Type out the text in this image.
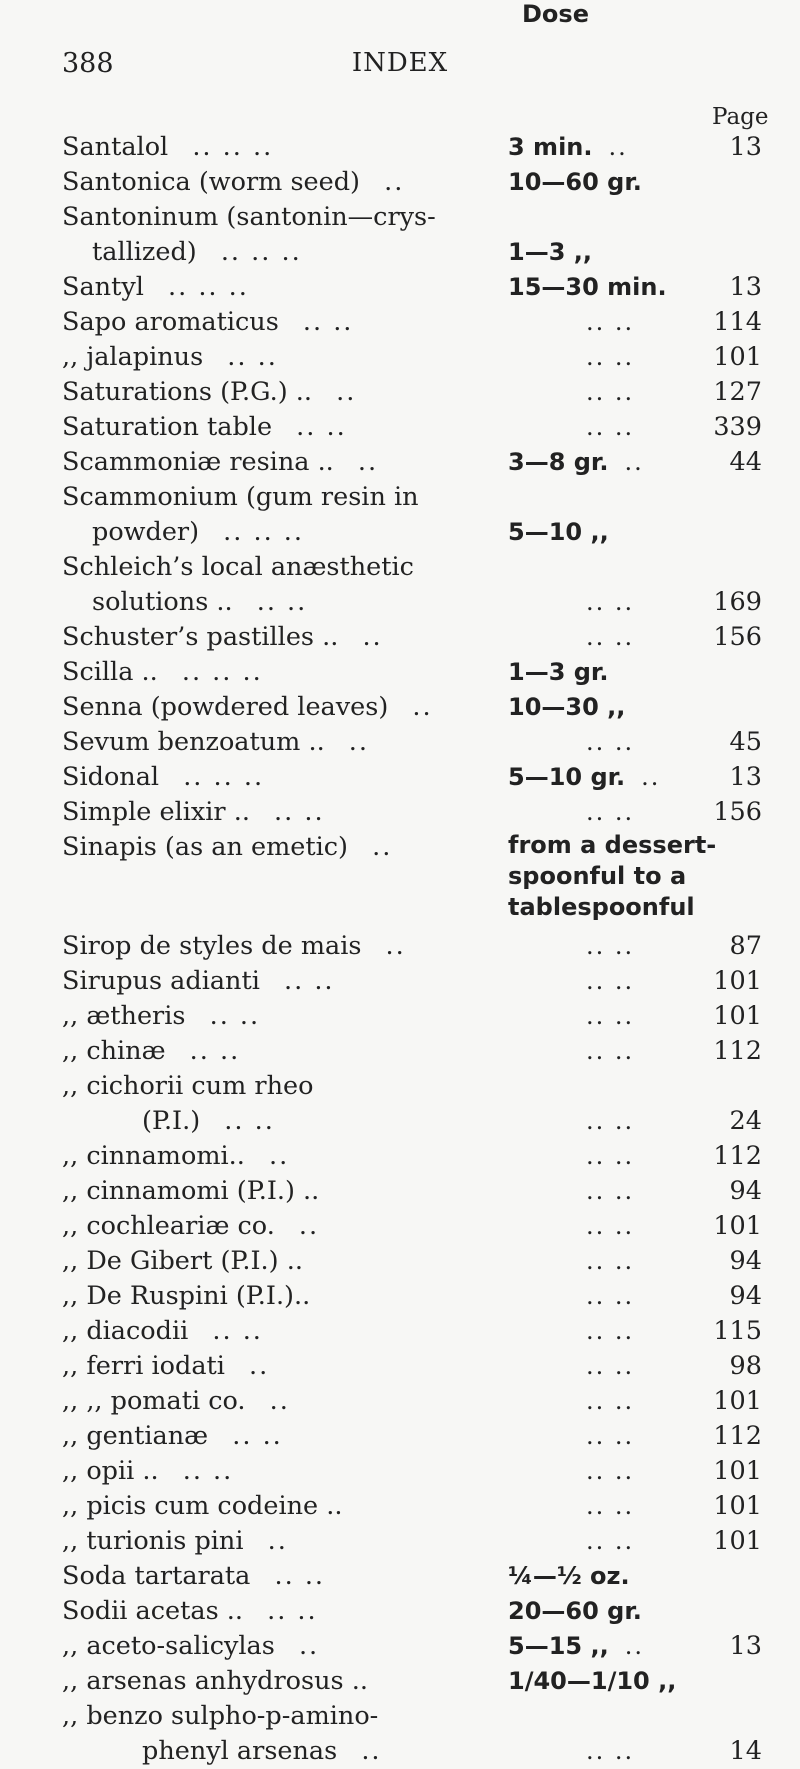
388	INDEX
Dose
Page
Santalol .. .. ..	3 min. ..	13
Santonica (worm seed) ..	10—60 gr.
Santoninum (santonin—crys-
tallized) .. .. ..	1—3 ,,
Santyl .. .. ..	15—30 min. 13
Sapo aromaticus .. ..	.. ..	114
,, jalapinus .. ..	.. ..	101
Saturations (P.G.) .. ..	.. ..	127
Saturation table .. ..	.. ..	339
Scammoniæ resina .. ..	3—8 gr. ..	44
Scammonium (gum resin in
powder) .. .. ..	5—10 ,,
Schleich’s local anæsthetic
solutions .. .. ..	.. ..	169
Schuster’s pastilles .. ..	.. ..	156
Scilla .. .. .. ..	1—3 gr.
Senna (powdered leaves) ..	10—30 ,,
Sevum benzoatum .. ..	.. ..	45
Sidonal .. .. ..	5—10 gr. ..	13
Simple elixir .. .. ..	.. ..	156
Sinapis (as an emetic) ..	from a dessert-
spoonful to a
tablespoonful
Sirop de styles de mais ..	.. ..	87
Sirupus adianti .. ..	.. ..	101
,, ætheris .. ..	.. ..	101
,, chinæ .. ..	.. ..	112
,, cichorii cum rheo
(P.I.) .. ..	.. ..	24
,, cinnamomi.. ..	.. ..	112
,, cinnamomi (P.I.) ..	.. ..	94
,, cochleariæ co. ..	.. ..	101
,, De Gibert (P.I.) ..	.. ..	94
,, De Ruspini (P.I.)..	.. ..	94
,, diacodii .. ..	.. ..	115
,, ferri iodati ..	.. ..	98
,, ,, pomati co. ..	.. ..	101
,, gentianæ .. ..	.. ..	112
,, opii .. .. ..	.. ..	101
,, picis cum codeine ..	.. ..	101
,, turionis pini ..	.. ..	101
Soda tartarata .. ..	¼—½ oz.
Sodii acetas .. .. ..	20—60 gr.
,, aceto-salicylas ..	5—15 ,, ..	13
,, arsenas anhydrosus ..	1/40—1/10 ,,
,, benzo sulpho-p-amino-
phenyl arsenas ..	.. ..	14
